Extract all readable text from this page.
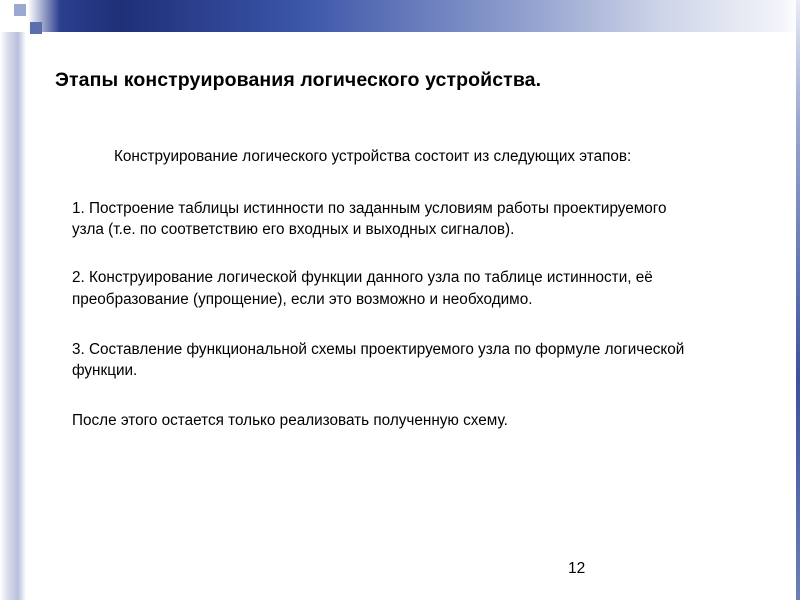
Этапы конструирования логического устройства.

Конструирование логического устройства состоит из следующих этапов:

1. Построение таблицы истинности по заданным условиям работы проектируемого узла (т.е. по соответствию его входных и выходных сигналов).

2. Конструирование логической функции данного узла по таблице истинности, её преобразование (упрощение), если это возможно и необходимо.

3. Составление функциональной схемы проектируемого узла по формуле логической функции.

После этого остается только реализовать полученную схему.

12
